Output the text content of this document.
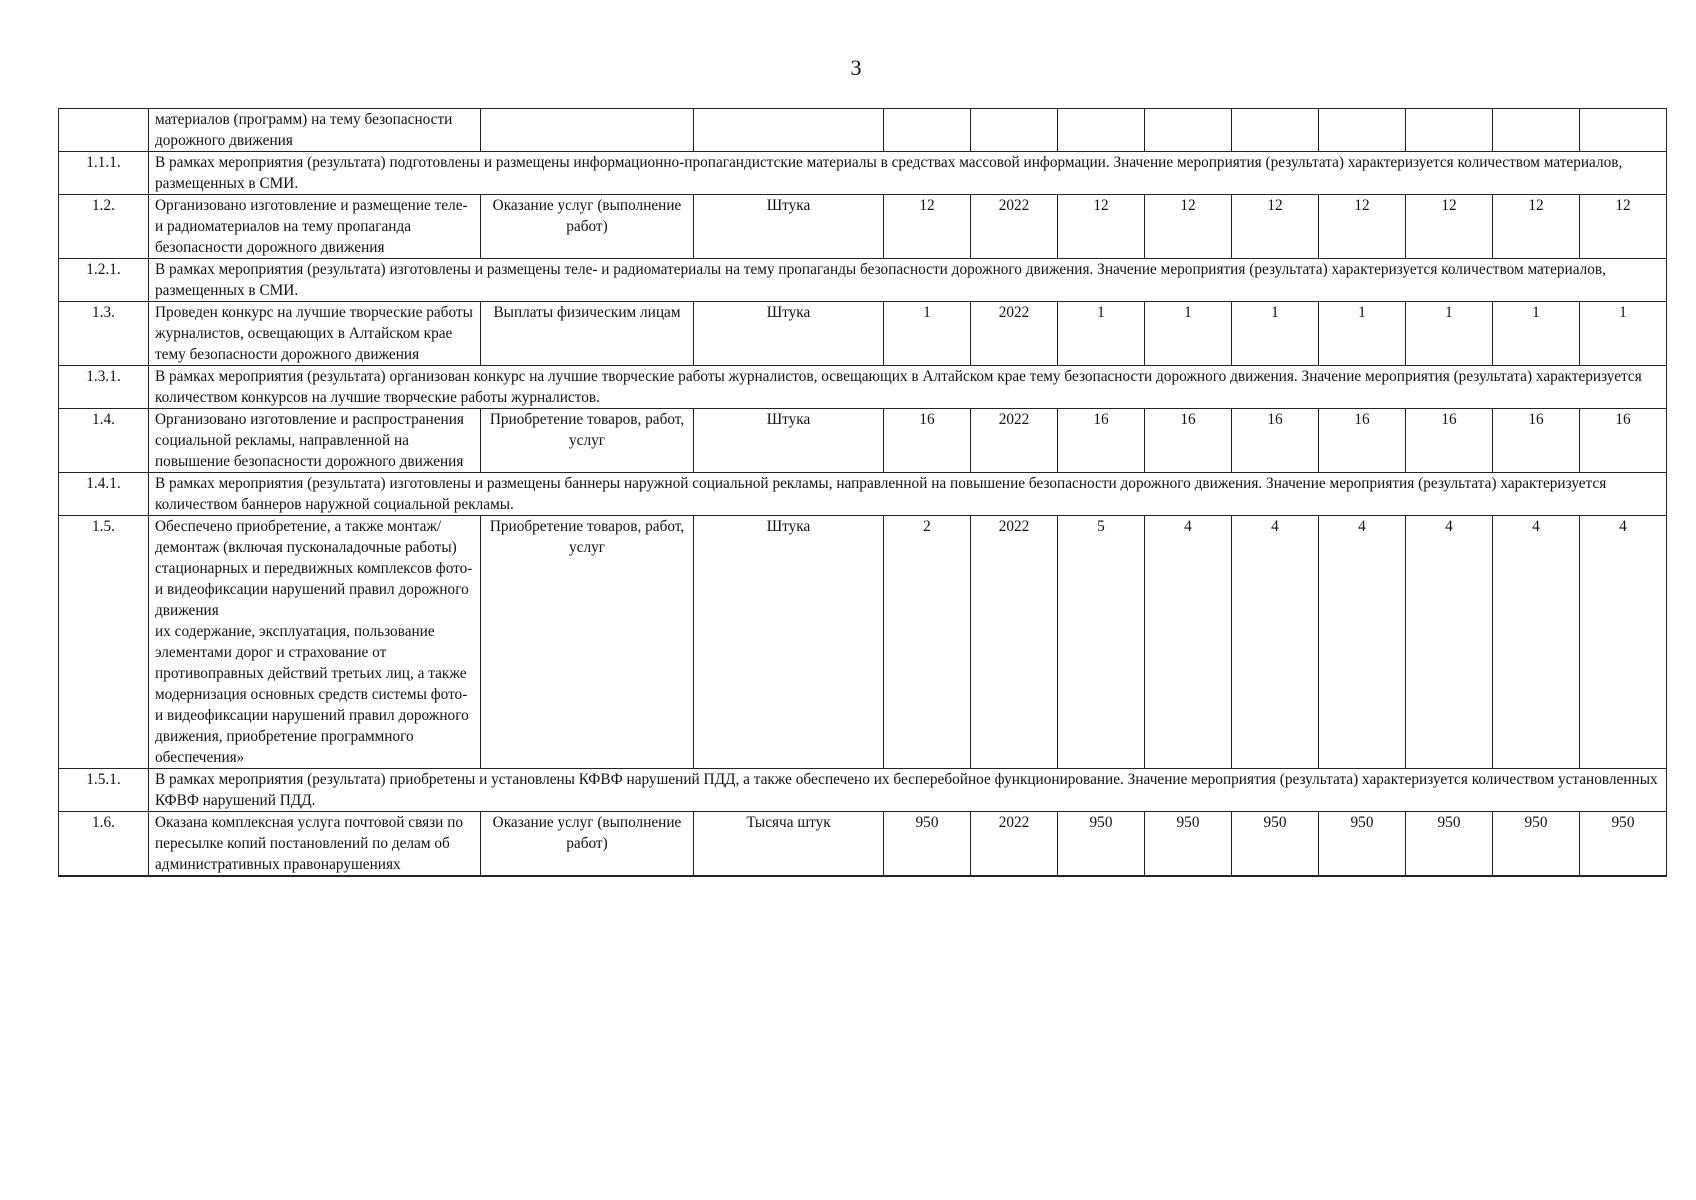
3
	материалов (программ) на тему безопасности дорожного движения											
1.1.1.	В рамках мероприятия (результата) подготовлены и размещены информационно-пропагандистские материалы в средствах массовой информации. Значение мероприятия (результата) характеризуется количеством материалов, размещенных в СМИ.											
1.2.	Организовано изготовление и размещение теле- и радиоматериалов на тему пропаганда безопасности дорожного движения	Оказание услуг (выполнение работ)	Штука	12	2022	12	12	12	12	12	12	12
1.2.1.	В рамках мероприятия (результата) изготовлены и размещены теле- и радиоматериалы на тему пропаганды безопасности дорожного движения. Значение мероприятия (результата) характеризуется количеством материалов, размещенных в СМИ.											
1.3.	Проведен конкурс на лучшие творческие работы журналистов, освещающих в Алтайском крае тему безопасности дорожного движения	Выплаты физическим лицам	Штука	1	2022	1	1	1	1	1	1	1
1.3.1.	В рамках мероприятия (результата) организован конкурс на лучшие творческие работы журналистов, освещающих в Алтайском крае тему безопасности дорожного движения. Значение мероприятия (результата) характеризуется количеством конкурсов на лучшие творческие работы журналистов.											
1.4.	Организовано изготовление и распространения социальной рекламы, направленной на повышение безопасности дорожного движения	Приобретение товаров, работ, услуг	Штука	16	2022	16	16	16	16	16	16	16
1.4.1.	В рамках мероприятия (результата) изготовлены и размещены баннеры наружной социальной рекламы, направленной на повышение безопасности дорожного движения. Значение мероприятия (результата) характеризуется количеством баннеров наружной социальной рекламы.											
1.5.	Обеспечено приобретение, а также монтаж/демонтаж (включая пусконаладочные работы) стационарных и передвижных комплексов фото- и видеофиксации нарушений правил дорожного движения
их содержание, эксплуатация, пользование элементами дорог и страхование от противоправных действий третьих лиц, а также модернизация основных средств системы фото- и видеофиксации нарушений правил дорожного движения, приобретение программного обеспечения»	Приобретение товаров, работ, услуг	Штука	2	2022	5	4	4	4	4	4	4
1.5.1.	В рамках мероприятия (результата) приобретены и установлены КФВФ нарушений ПДД, а также обеспечено их бесперебойное функционирование. Значение мероприятия (результата) характеризуется количеством установленных КФВФ нарушений ПДД.											
1.6.	Оказана комплексная услуга почтовой связи по пересылке копий постановлений по делам об административных правонарушениях	Оказание услуг (выполнение работ)	Тысяча штук	950	2022	950	950	950	950	950	950	950
